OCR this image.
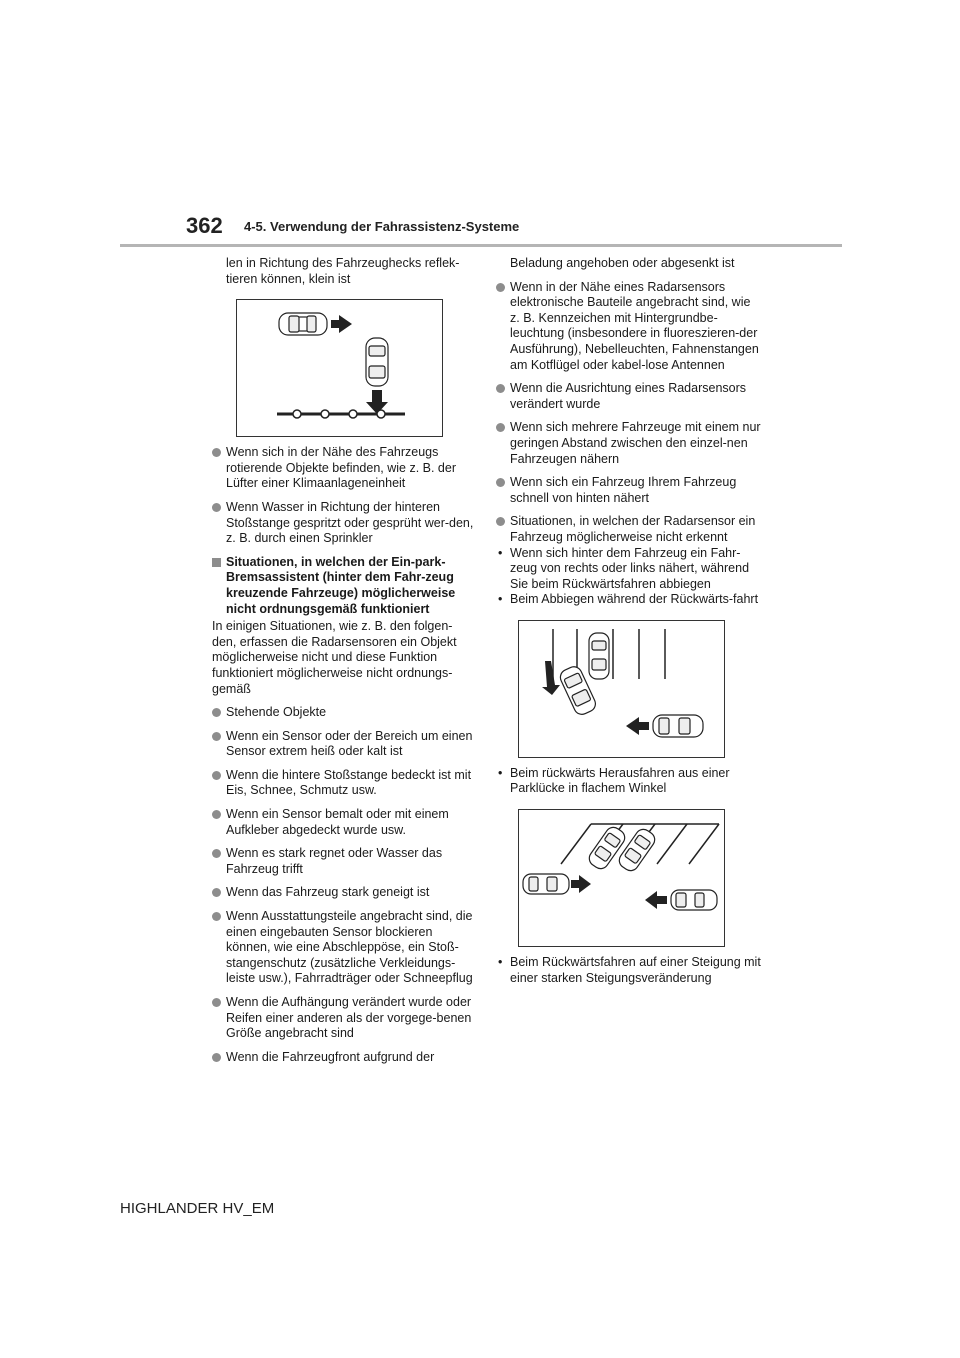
362 4-5. Verwendung der Fahrassistenz-Systeme

len in Richtung des Fahrzeughecks reflek-tieren können, klein ist

Wenn sich in der Nähe des Fahrzeugs rotierende Objekte befinden, wie z. B. der Lüfter einer Klimaanlageneinheit

Wenn Wasser in Richtung der hinteren Stoßstange gespritzt oder gesprüht wer-den, z. B. durch einen Sprinkler

Situationen, in welchen der Ein-park-Bremsassistent (hinter dem Fahr-zeug kreuzende Fahrzeuge) möglicherweise nicht ordnungsgemäß funktioniert

In einigen Situationen, wie z. B. den folgen-den, erfassen die Radarsensoren ein Objekt möglicherweise nicht und diese Funktion funktioniert möglicherweise nicht ordnungs-gemäß

Stehende Objekte

Wenn ein Sensor oder der Bereich um einen Sensor extrem heiß oder kalt ist

Wenn die hintere Stoßstange bedeckt ist mit Eis, Schnee, Schmutz usw.

Wenn ein Sensor bemalt oder mit einem Aufkleber abgedeckt wurde usw.

Wenn es stark regnet oder Wasser das Fahrzeug trifft

Wenn das Fahrzeug stark geneigt ist

Wenn Ausstattungsteile angebracht sind, die einen eingebauten Sensor blockieren können, wie eine Abschleppöse, ein Stoß-stangenschutz (zusätzliche Verkleidungs-leiste usw.), Fahrradträger oder Schneepflug

Wenn die Aufhängung verändert wurde oder Reifen einer anderen als der vorgege-benen Größe angebracht sind

Wenn die Fahrzeugfront aufgrund der

Beladung angehoben oder abgesenkt ist

Wenn in der Nähe eines Radarsensors elektronische Bauteile angebracht sind, wie z. B. Kennzeichen mit Hintergrundbe-leuchtung (insbesondere in fluoreszieren-der Ausführung), Nebelleuchten, Fahnenstangen am Kotflügel oder kabel-lose Antennen

Wenn die Ausrichtung eines Radarsensors verändert wurde

Wenn sich mehrere Fahrzeuge mit einem nur geringen Abstand zwischen den einzel-nen Fahrzeugen nähern

Wenn sich ein Fahrzeug Ihrem Fahrzeug schnell von hinten nähert

Situationen, in welchen der Radarsensor ein Fahrzeug möglicherweise nicht erkennt

• Wenn sich hinter dem Fahrzeug ein Fahr-zeug von rechts oder links nähert, während Sie beim Rückwärtsfahren abbiegen

• Beim Abbiegen während der Rückwärts-fahrt

• Beim rückwärts Herausfahren aus einer Parklücke in flachem Winkel

• Beim Rückwärtsfahren auf einer Steigung mit einer starken Steigungsveränderung

HIGHLANDER HV_EM
